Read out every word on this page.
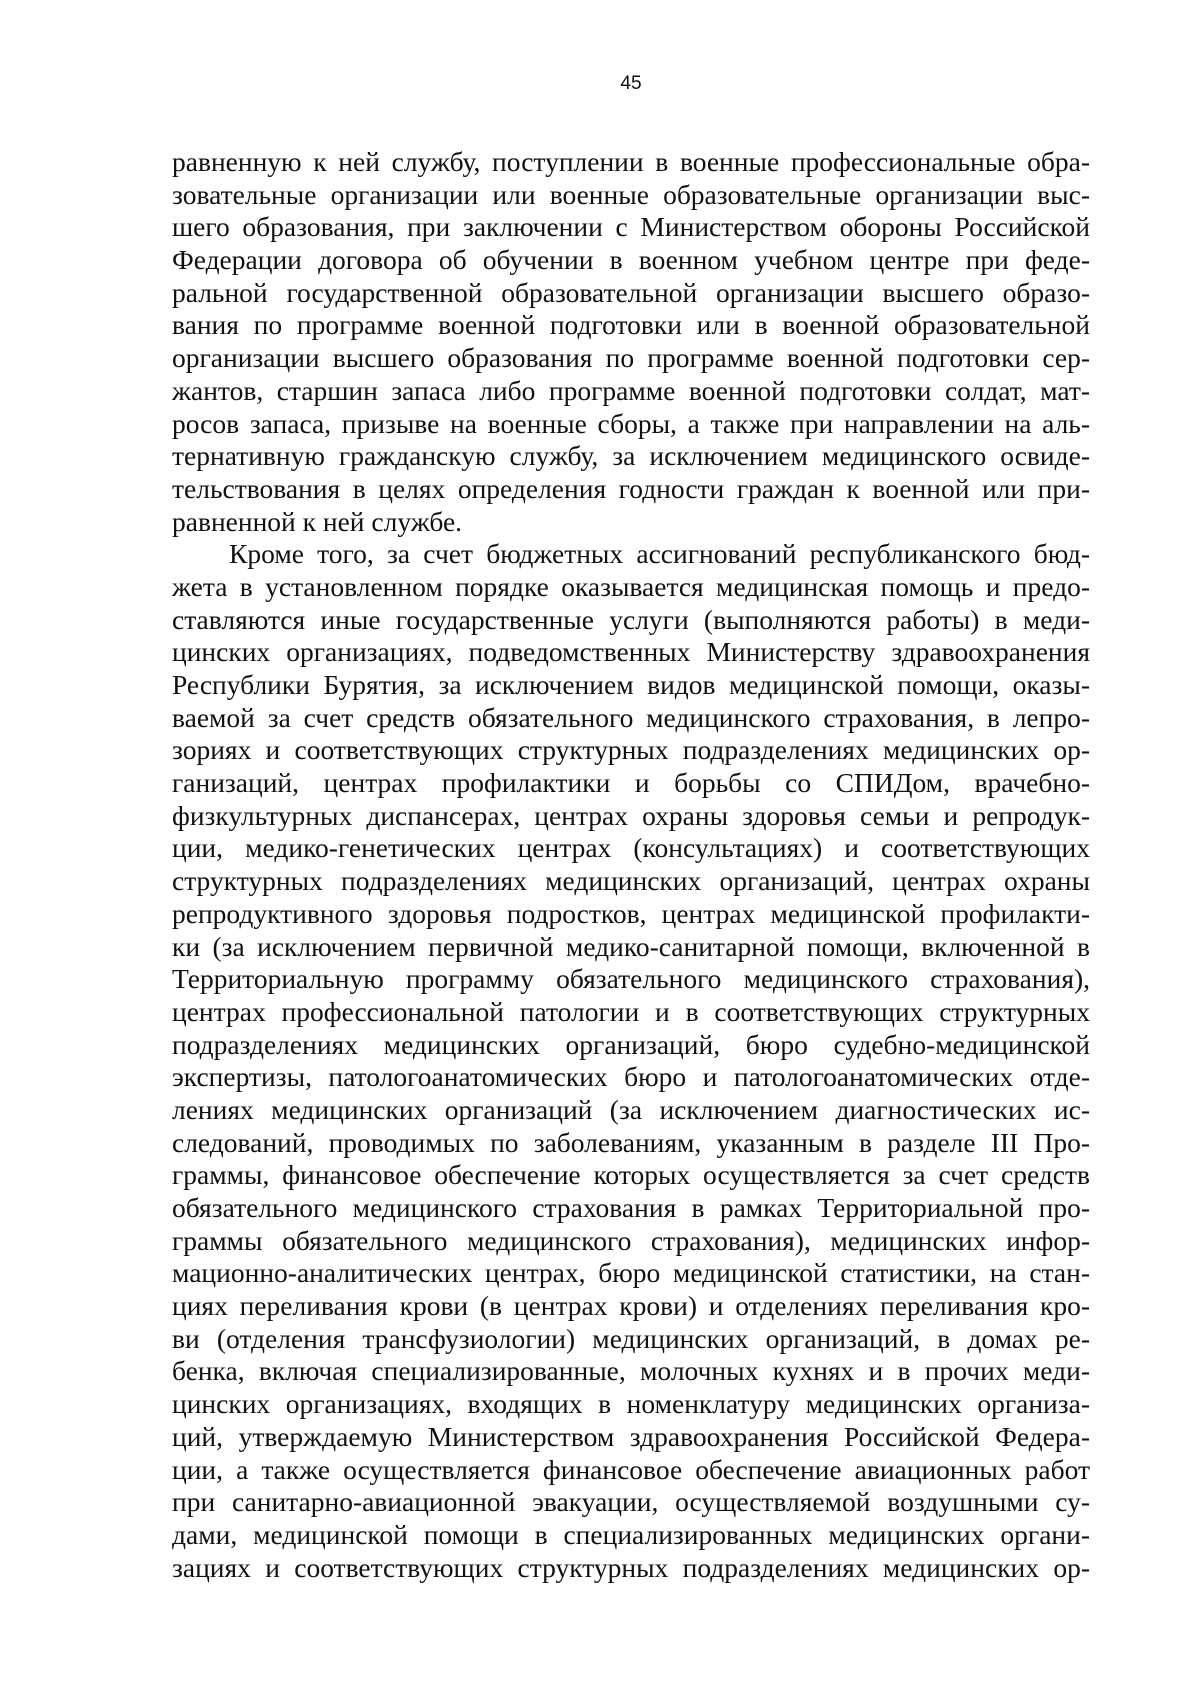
45

равненную к ней службу, поступлении в военные профессиональные обра-
зовательные организации или военные образовательные организации выс-
шего образования, при заключении с Министерством обороны Российской
Федерации договора об обучении в военном учебном центре при феде-
ральной государственной образовательной организации высшего образо-
вания по программе военной подготовки или в военной образовательной
организации высшего образования по программе военной подготовки сер-
жантов, старшин запаса либо программе военной подготовки солдат, мат-
росов запаса, призыве на военные сборы, а также при направлении на аль-
тернативную гражданскую службу, за исключением медицинского освиде-
тельствования в целях определения годности граждан к военной или при-
равненной к ней службе.

Кроме того, за счет бюджетных ассигнований республиканского бюд-
жета в установленном порядке оказывается медицинская помощь и предо-
ставляются иные государственные услуги (выполняются работы) в меди-
цинских организациях, подведомственных Министерству здравоохранения
Республики Бурятия, за исключением видов медицинской помощи, оказы-
ваемой за счет средств обязательного медицинского страхования, в лепро-
зориях и соответствующих структурных подразделениях медицинских ор-
ганизаций, центрах профилактики и борьбы со СПИДом, врачебно-
физкультурных диспансерах, центрах охраны здоровья семьи и репродук-
ции, медико-генетических центрах (консультациях) и соответствующих
структурных подразделениях медицинских организаций, центрах охраны
репродуктивного здоровья подростков, центрах медицинской профилакти-
ки (за исключением первичной медико-санитарной помощи, включенной в
Территориальную программу обязательного медицинского страхования),
центрах профессиональной патологии и в соответствующих структурных
подразделениях медицинских организаций, бюро судебно-медицинской
экспертизы, патологоанатомических бюро и патологоанатомических отде-
лениях медицинских организаций (за исключением диагностических ис-
следований, проводимых по заболеваниям, указанным в разделе III Про-
граммы, финансовое обеспечение которых осуществляется за счет средств
обязательного медицинского страхования в рамках Территориальной про-
граммы обязательного медицинского страхования), медицинских инфор-
мационно-аналитических центрах, бюро медицинской статистики, на стан-
циях переливания крови (в центрах крови) и отделениях переливания кро-
ви (отделения трансфузиологии) медицинских организаций, в домах ре-
бенка, включая специализированные, молочных кухнях и в прочих меди-
цинских организациях, входящих в номенклатуру медицинских организа-
ций, утверждаемую Министерством здравоохранения Российской Федера-
ции, а также осуществляется финансовое обеспечение авиационных работ
при санитарно-авиационной эвакуации, осуществляемой воздушными су-
дами, медицинской помощи в специализированных медицинских органи-
зациях и соответствующих структурных подразделениях медицинских ор-
